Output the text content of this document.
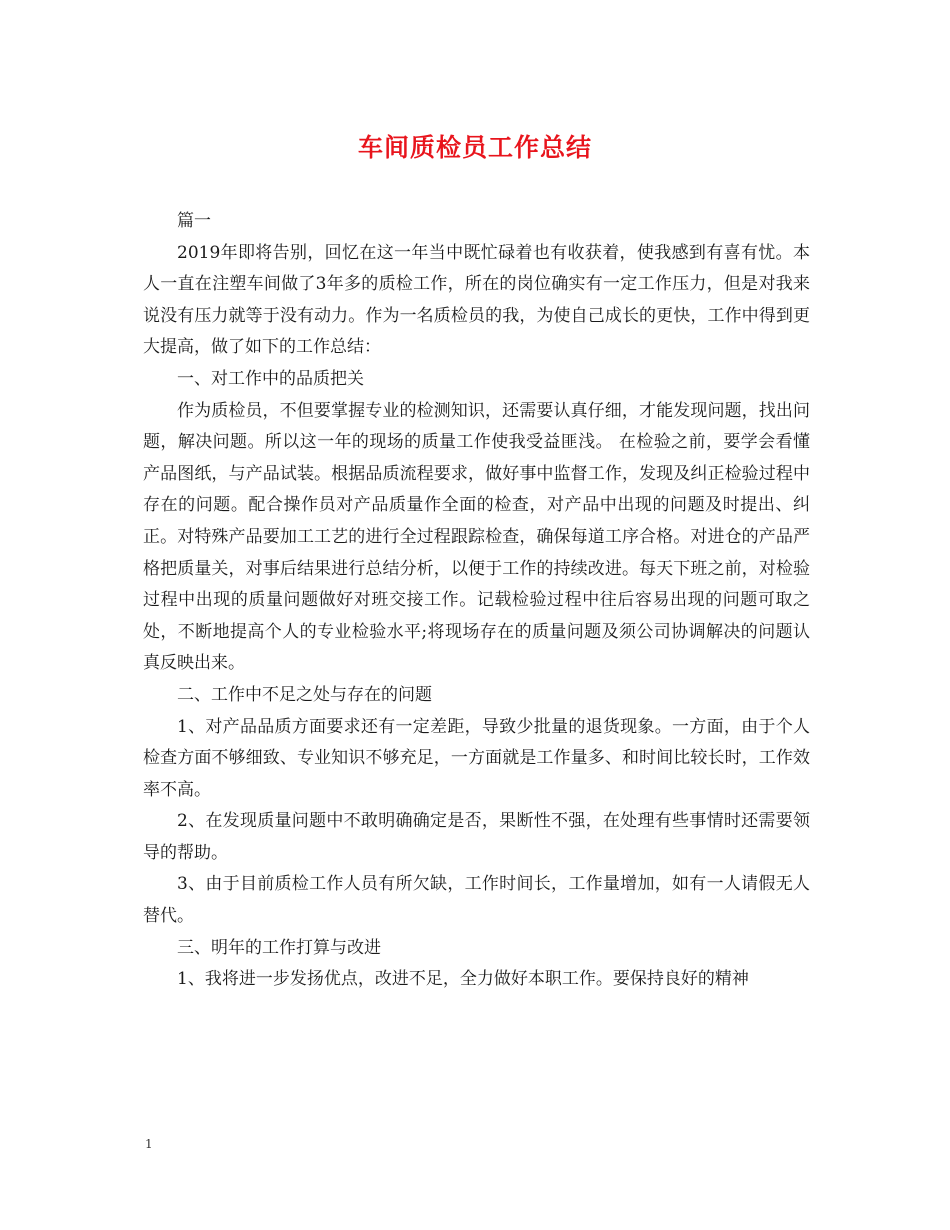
车间质检员工作总结

篇一

2019年即将告别，回忆在这一年当中既忙碌着也有收获着，使我感到有喜有忧。本人一直在注塑车间做了3年多的质检工作，所在的岗位确实有一定工作压力，但是对我来说没有压力就等于没有动力。作为一名质检员的我，为使自己成长的更快，工作中得到更大提高，做了如下的工作总结：

一、对工作中的品质把关

作为质检员，不但要掌握专业的检测知识，还需要认真仔细，才能发现问题，找出问题，解决问题。所以这一年的现场的质量工作使我受益匪浅。 在检验之前，要学会看懂产品图纸，与产品试装。根据品质流程要求，做好事中监督工作，发现及纠正检验过程中存在的问题。配合操作员对产品质量作全面的检查，对产品中出现的问题及时提出、纠正。对特殊产品要加工工艺的进行全过程跟踪检查，确保每道工序合格。对进仓的产品严格把质量关，对事后结果进行总结分析，以便于工作的持续改进。每天下班之前，对检验过程中出现的质量问题做好对班交接工作。记载检验过程中往后容易出现的问题可取之处，不断地提高个人的专业检验水平;将现场存在的质量问题及须公司协调解决的问题认真反映出来。

二、工作中不足之处与存在的问题

1、对产品品质方面要求还有一定差距，导致少批量的退货现象。一方面，由于个人检查方面不够细致、专业知识不够充足，一方面就是工作量多、和时间比较长时，工作效率不高。

2、在发现质量问题中不敢明确确定是否，果断性不强，在处理有些事情时还需要领导的帮助。

3、由于目前质检工作人员有所欠缺，工作时间长，工作量增加，如有一人请假无人替代。

三、明年的工作打算与改进

1、我将进一步发扬优点，改进不足，全力做好本职工作。要保持良好的精神

1
